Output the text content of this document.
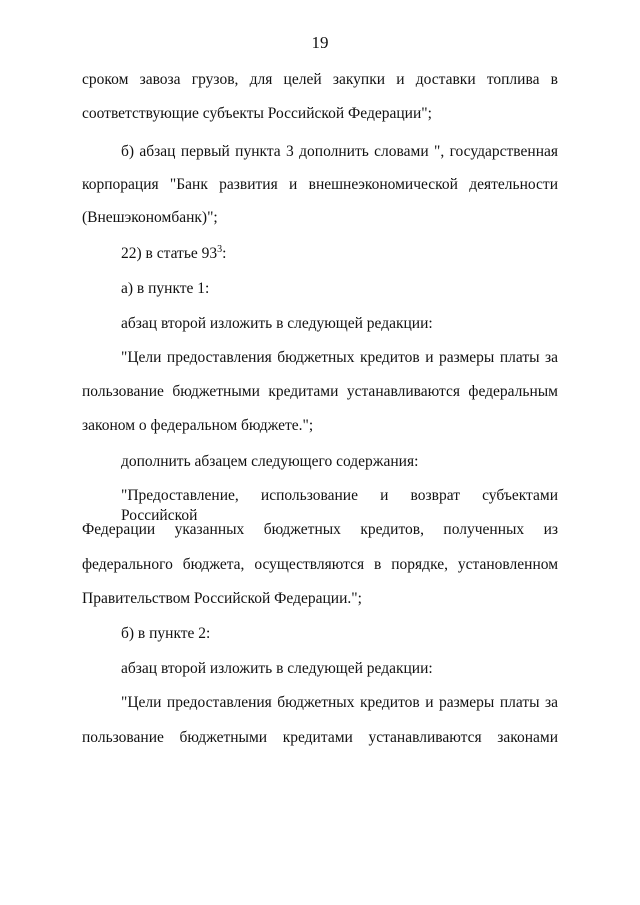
19
сроком завоза грузов, для целей закупки и доставки топлива в
соответствующие субъекты Российской Федерации";
б) абзац первый пункта 3 дополнить словами ", государственная
корпорация "Банк развития и внешнеэкономической деятельности
(Внешэкономбанк)";
22) в статье $93^3$:
а) в пункте 1:
абзац второй изложить в следующей редакции:
"Цели предоставления бюджетных кредитов и размеры платы за
пользование бюджетными кредитами устанавливаются федеральным
законом о федеральном бюджете.";
дополнить абзацем следующего содержания:
"Предоставление, использование и возврат субъектами Российской
Федерации указанных бюджетных кредитов, полученных из
федерального бюджета, осуществляются в порядке, установленном
Правительством Российской Федерации.";
б) в пункте 2:
абзац второй изложить в следующей редакции:
"Цели предоставления бюджетных кредитов и размеры платы за
пользование бюджетными кредитами устанавливаются законами
